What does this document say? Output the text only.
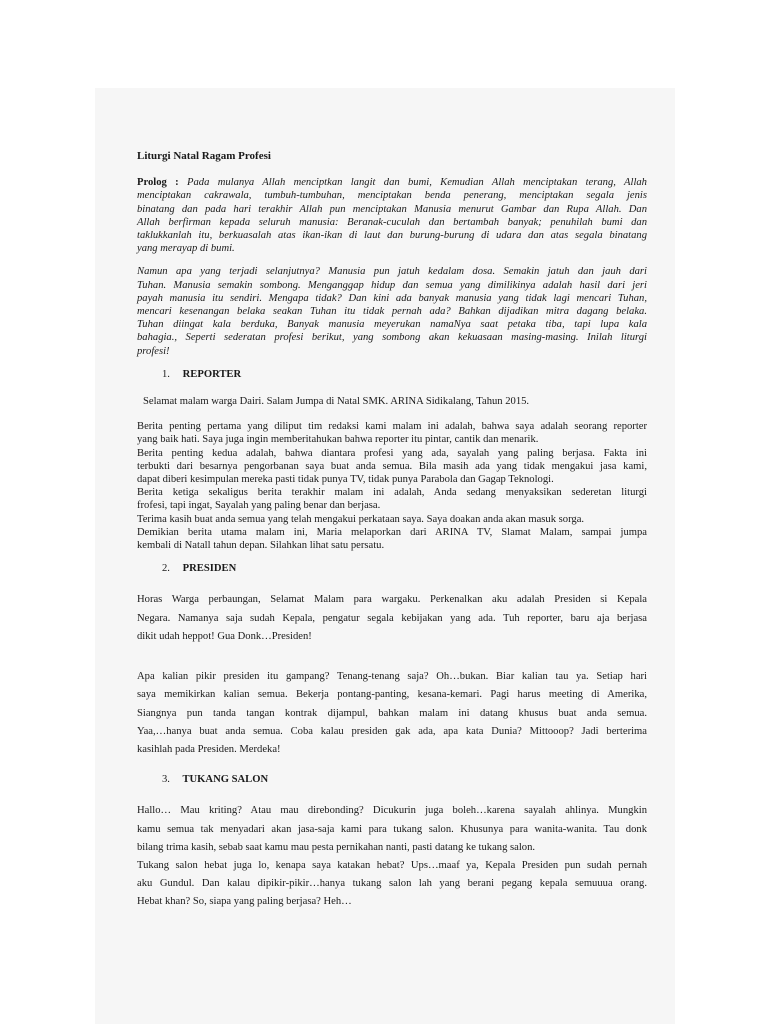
Liturgi Natal Ragam Profesi
Prolog : Pada mulanya Allah menciptkan langit dan bumi, Kemudian Allah menciptakan terang, Allah
menciptakan cakrawala, tumbuh-tumbuhan, menciptakan benda penerang, menciptakan segala jenis
binatang dan pada hari terakhir Allah pun menciptakan Manusia menurut Gambar dan Rupa Allah. Dan
Allah berfirman kepada seluruh manusia: Beranak-cuculah dan bertambah banyak; penuhilah bumi dan
taklukkanlah itu, berkuasalah atas ikan-ikan di laut dan burung-burung di udara dan atas segala binatang
yang merayap di bumi.
Namun apa yang terjadi selanjutnya? Manusia pun jatuh kedalam dosa. Semakin jatuh dan jauh dari
Tuhan. Manusia semakin sombong. Menganggap hidup dan semua yang dimilikinya adalah hasil dari jeri
payah manusia itu sendiri. Mengapa tidak? Dan kini ada banyak manusia yang tidak lagi mencari Tuhan,
mencari kesenangan belaka seakan Tuhan itu tidak pernah ada? Bahkan dijadikan mitra dagang belaka.
Tuhan diingat kala berduka, Banyak manusia meyerukan namaNya saat petaka tiba, tapi lupa kala
bahagia., Seperti sederatan profesi berikut, yang sombong akan kekuasaan masing-masing. Inilah liturgi
profesi!
1. REPORTER
Selamat malam warga Dairi. Salam Jumpa di Natal SMK. ARINA Sidikalang, Tahun 2015.
Berita penting pertama yang diliput tim redaksi kami malam ini adalah, bahwa saya adalah seorang reporter
yang baik hati. Saya juga ingin memberitahukan bahwa reporter itu pintar, cantik dan menarik.
Berita penting kedua adalah, bahwa diantara profesi yang ada, sayalah yang paling berjasa. Fakta ini
terbukti dari besarnya pengorbanan saya buat anda semua. Bila masih ada yang tidak mengakui jasa kami,
dapat diberi kesimpulan mereka pasti tidak punya TV, tidak punya Parabola dan Gagap Teknologi.
Berita ketiga sekaligus berita terakhir malam ini adalah, Anda sedang menyaksikan sederetan liturgi
frofesi, tapi ingat, Sayalah yang paling benar dan berjasa.
Terima kasih buat anda semua yang telah mengakui perkataan saya. Saya doakan anda akan masuk sorga.
Demikian berita utama malam ini, Maria melaporkan dari ARINA TV, Slamat Malam, sampai jumpa
kembali di Natall tahun depan. Silahkan lihat satu persatu.
2. PRESIDEN
Horas Warga perbaungan, Selamat Malam para wargaku. Perkenalkan aku adalah Presiden si Kepala
Negara. Namanya saja sudah Kepala, pengatur segala kebijakan yang ada. Tuh reporter, baru aja berjasa
dikit udah heppot! Gua Donk…Presiden!
Apa kalian pikir presiden itu gampang? Tenang-tenang saja? Oh…bukan. Biar kalian tau ya. Setiap hari
saya memikirkan kalian semua. Bekerja pontang-panting, kesana-kemari. Pagi harus meeting di Amerika,
Siangnya pun tanda tangan kontrak dijampul, bahkan malam ini datang khusus buat anda semua.
Yaa,…hanya buat anda semua. Coba kalau presiden gak ada, apa kata Dunia? Mittooop? Jadi berterima
kasihlah pada Presiden. Merdeka!
3. TUKANG SALON
Hallo… Mau kriting? Atau mau direbonding? Dicukurin juga boleh…karena sayalah ahlinya. Mungkin
kamu semua tak menyadari akan jasa-saja kami para tukang salon. Khusunya para wanita-wanita. Tau donk
bilang trima kasih, sebab saat kamu mau pesta pernikahan nanti, pasti datang ke tukang salon.
Tukang salon hebat juga lo, kenapa saya katakan hebat? Ups…maaf ya, Kepala Presiden pun sudah pernah
aku Gundul. Dan kalau dipikir-pikir…hanya tukang salon lah yang berani pegang kepala semuuua orang.
Hebat khan? So, siapa yang paling berjasa? Heh…
